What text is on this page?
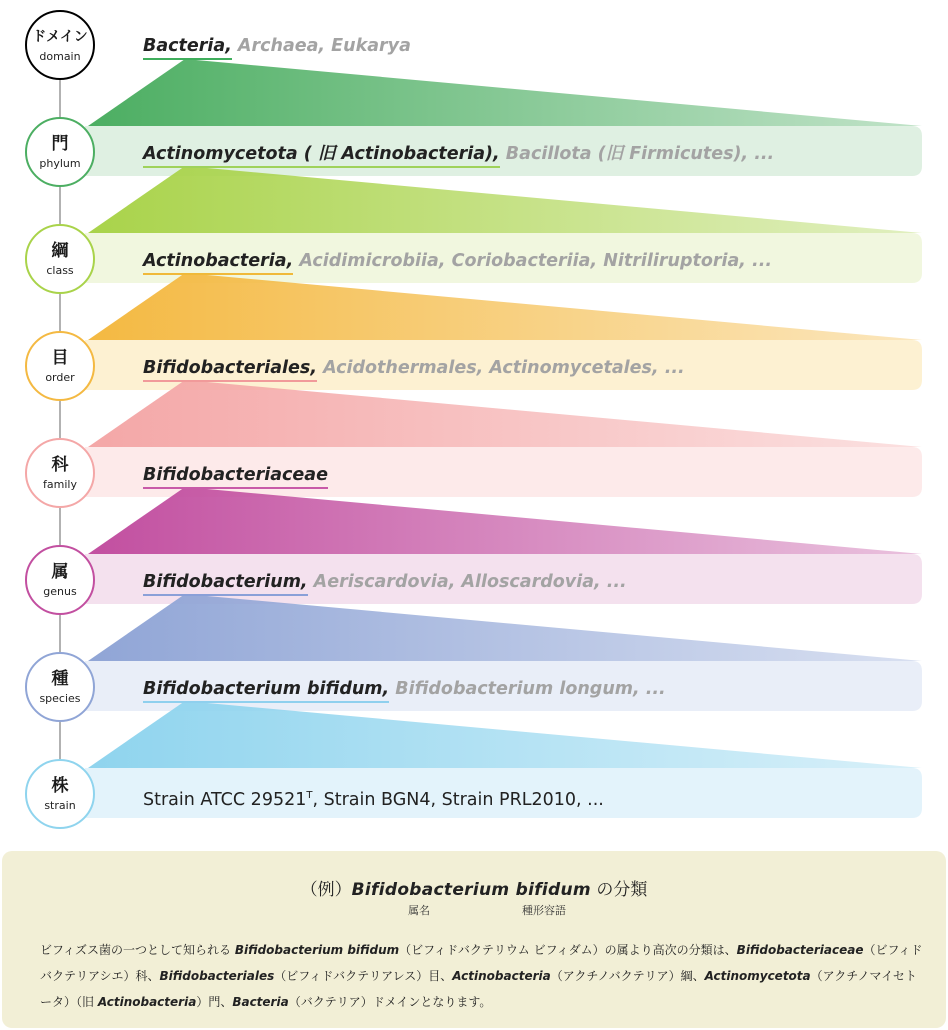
ドメイン
domain	Bacteria, Archaea, Eukarya
門
phylum	Actinomycetota ( 旧 Actinobacteria), Bacillota (旧 Firmicutes), ...
綱
class	Actinobacteria, Acidimicrobiia, Coriobacteriia, Nitriliruptoria, ...
目
order	Bifidobacteriales, Acidothermales, Actinomycetales, ...
科
family	Bifidobacteriaceae
属
genus	Bifidobacterium, Aeriscardovia, Alloscardovia, ...
種
species	Bifidobacterium bifidum, Bifidobacterium longum, ...
株
strain	Strain ATCC $29521^T$, Strain BGN4, Strain PRL2010, ...
（例）Bifidobacterium bifidum の分類
属名	種形容語
ビフィズス菌の一つとして知られる Bifidobacterium bifidum（ビフィドバクテリウム ビフィダム）の属より高次の分類は、Bifidobacteriaceae（ビフィドバクテリアシエ）科、Bifidobacteriales（ビフィドバクテリアレス）目、Actinobacteria（アクチノバクテリア）綱、Actinomycetota（アクチノマイセトータ）（旧 Actinobacteria）門、Bacteria（バクテリア）ドメインとなります。
